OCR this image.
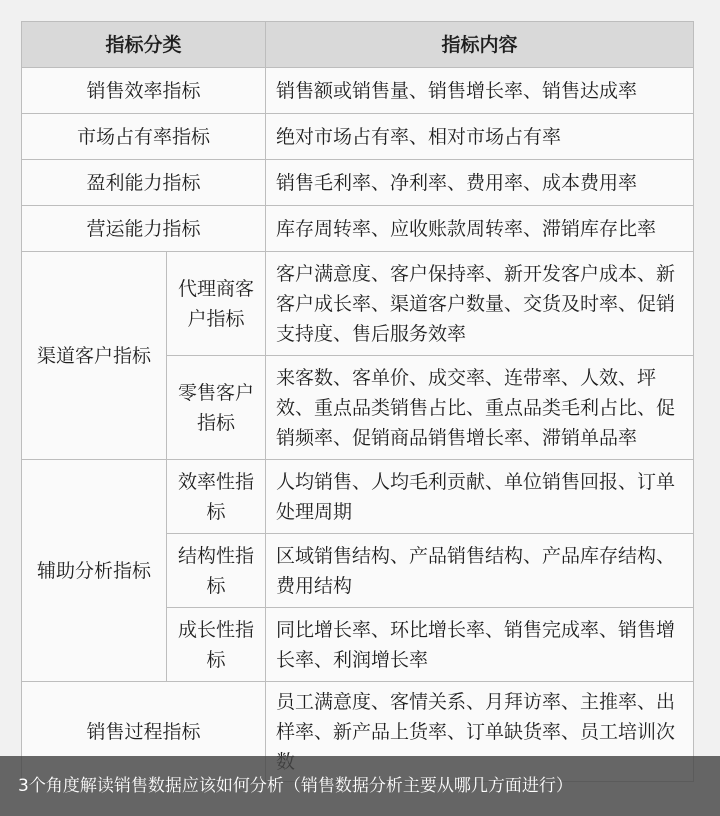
指标分类		指标内容
销售效率指标		销售额或销售量、销售增长率、销售达成率
市场占有率指标		绝对市场占有率、相对市场占有率
盈利能力指标		销售毛利率、净利率、费用率、成本费用率
营运能力指标		库存周转率、应收账款周转率、滞销库存比率
渠道客户指标	代理商客户指标	客户满意度、客户保持率、新开发客户成本、新客户成长率、渠道客户数量、交货及时率、促销支持度、售后服务效率
	零售客户指标	来客数、客单价、成交率、连带率、人效、坪效、重点品类销售占比、重点品类毛利占比、促销频率、促销商品销售增长率、滞销单品率
辅助分析指标	效率性指标	人均销售、人均毛利贡献、单位销售回报、订单处理周期
	结构性指标	区域销售结构、产品销售结构、产品库存结构、费用结构
	成长性指标	同比增长率、环比增长率、销售完成率、销售增长率、利润增长率
销售过程指标		员工满意度、客情关系、月拜访率、主推率、出样率、新产品上货率、订单缺货率、员工培训次
3个角度解读销售数据应该如何分析（销售数据分析主要从哪几方面进行）
